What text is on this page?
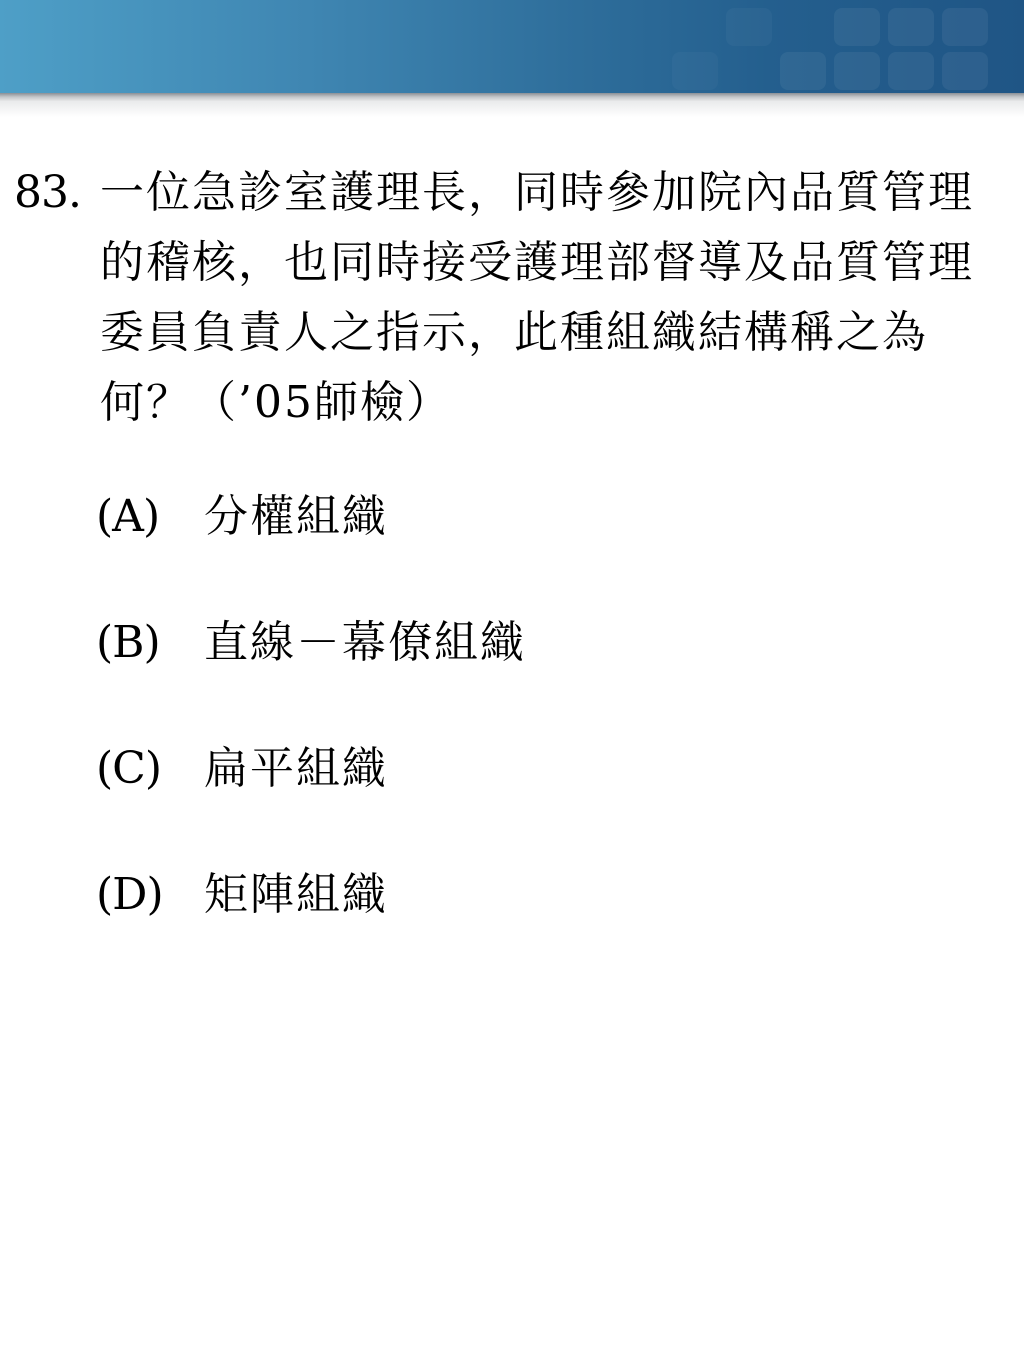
83. 一位急診室護理長，同時參加院內品質管理的稽核，也同時接受護理部督導及品質管理委員負責人之指示，此種組織結構稱之為何？（’05師檢）
(A) 分權組織
(B) 直線－幕僚組織
(C) 扁平組織
(D) 矩陣組織
